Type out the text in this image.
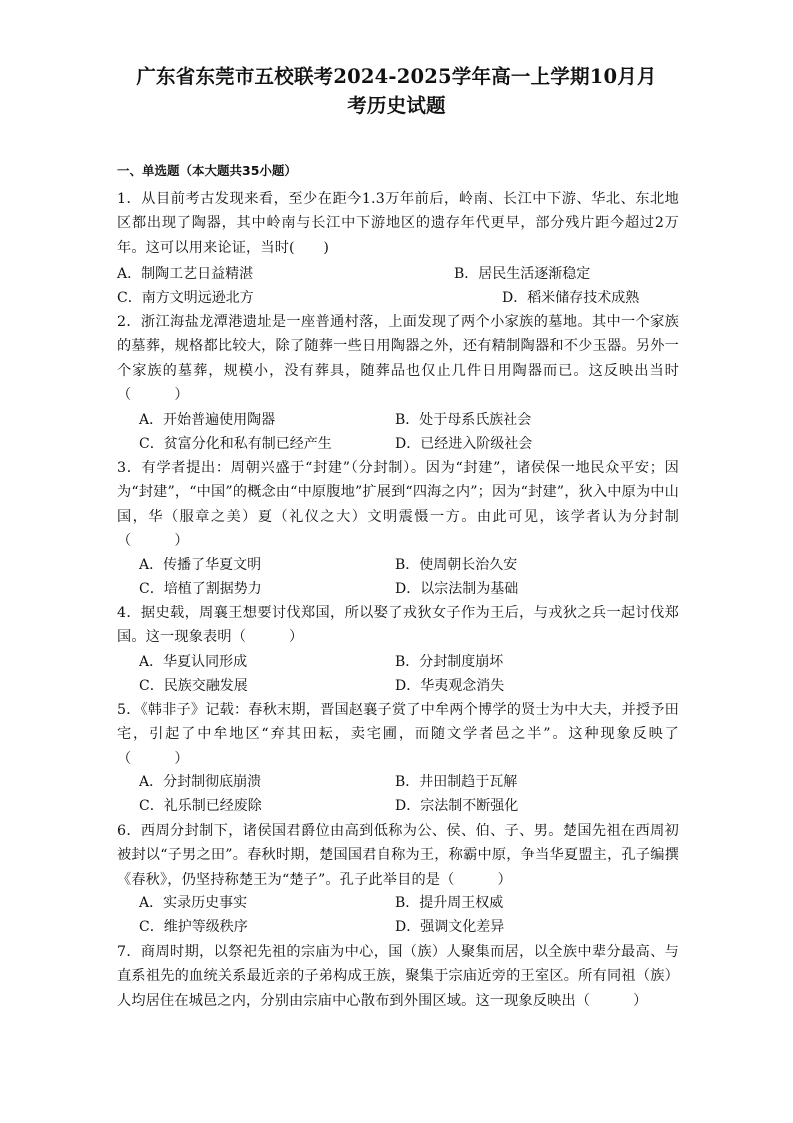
广东省东莞市五校联考2024-2025学年高一上学期10月月
考历史试题
一、单选题（本大题共35小题）
1．从目前考古发现来看，至少在距今1.3万年前后，岭南、长江中下游、华北、东北地区都出现了陶器，其中岭南与长江中下游地区的遗存年代更早，部分残片距今超过2万年。这可以用来论证，当时(　　)
A．制陶工艺日益精湛	B．居民生活逐渐稳定
C．南方文明远逊北方	D．稻米储存技术成熟
2．浙江海盐龙潭港遗址是一座普通村落，上面发现了两个小家族的墓地。其中一个家族的墓葬，规格都比较大，除了随葬一些日用陶器之外，还有精制陶器和不少玉器。另外一个家族的墓葬，规模小，没有葬具，随葬品也仅止几件日用陶器而已。这反映出当时（　　　）
A．开始普遍使用陶器	B．处于母系氏族社会
C．贫富分化和私有制已经产生	D．已经进入阶级社会
3．有学者提出：周朝兴盛于“封建”（分封制）。因为“封建”，诸侯保一地民众平安；因为“封建”，“中国”的概念由“中原腹地”扩展到“四海之内”；因为“封建”，狄入中原为中山国，华（服章之美）夏（礼仪之大）文明震慑一方。由此可见，该学者认为分封制（　　　）
A．传播了华夏文明	B．使周朝长治久安
C．培植了割据势力	D．以宗法制为基础
4．据史载，周襄王想要讨伐郑国，所以娶了戎狄女子作为王后，与戎狄之兵一起讨伐郑国。这一现象表明（　　　）
A．华夏认同形成	B．分封制度崩坏
C．民族交融发展	D．华夷观念消失
5．《韩非子》记载：春秋末期，晋国赵襄子赏了中牟两个博学的贤士为中大夫，并授予田宅，引起了中牟地区“弃其田耘，卖宅圃，而随文学者邑之半”。这种现象反映了（　　　）
A．分封制彻底崩溃	B．井田制趋于瓦解
C．礼乐制已经废除	D．宗法制不断强化
6．西周分封制下，诸侯国君爵位由高到低称为公、侯、伯、子、男。楚国先祖在西周初被封以“子男之田”。春秋时期，楚国国君自称为王，称霸中原，争当华夏盟主，孔子编撰《春秋》，仍坚持称楚王为“楚子”。孔子此举目的是（　　　）
A．实录历史事实	B．提升周王权威
C．维护等级秩序	D．强调文化差异
7．商周时期，以祭祀先祖的宗庙为中心，国（族）人聚集而居，以全族中辈分最高、与直系祖先的血统关系最近亲的子弟构成王族，聚集于宗庙近旁的王室区。所有同祖（族）人均居住在城邑之内，分别由宗庙中心散布到外围区域。这一现象反映出（　　　）
